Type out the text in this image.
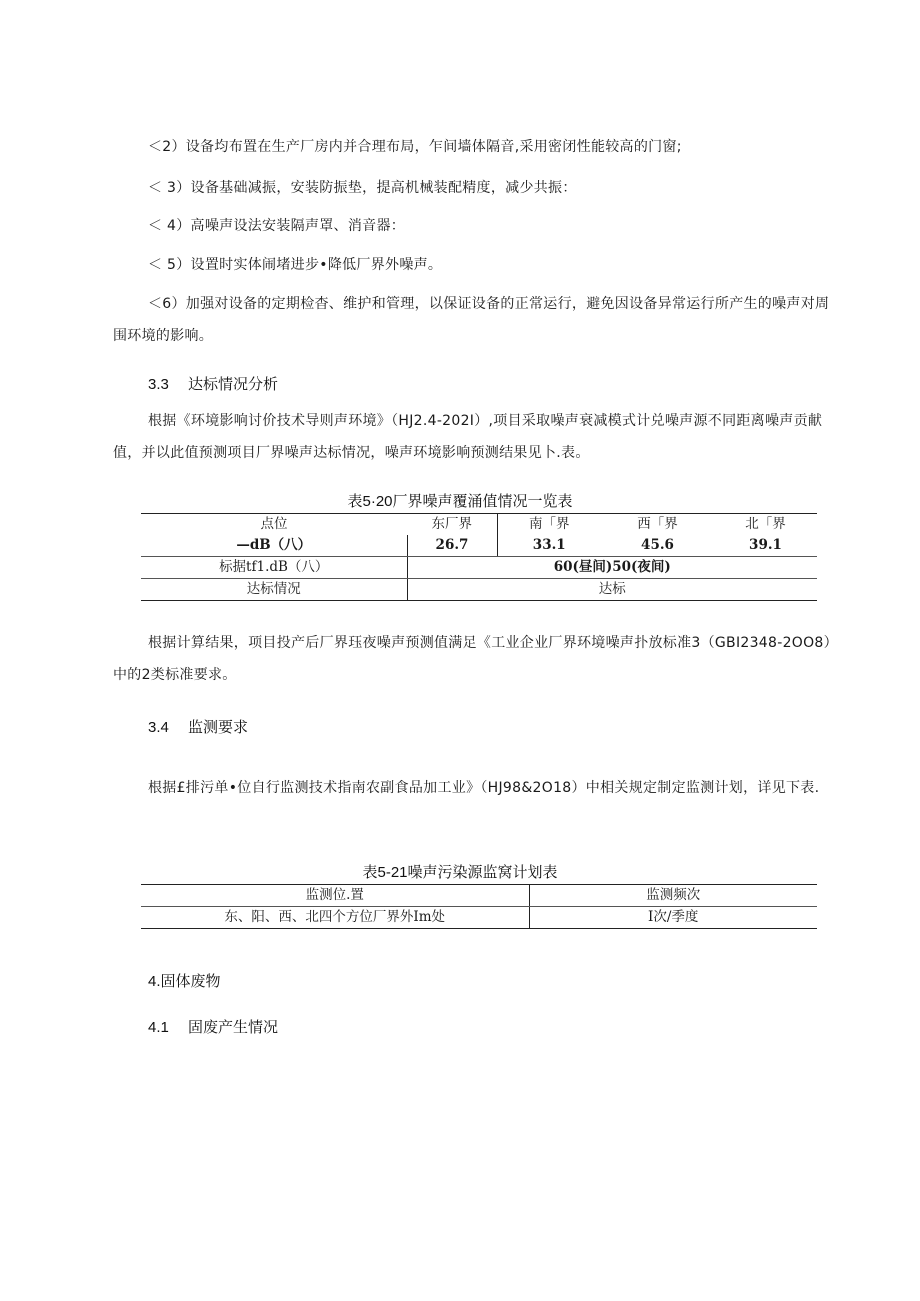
＜2）设备均布置在生产厂房内并合理布局，乍间墙体隔音,采用密闭性能较高的门窗;
＜ 3）设备基础减振，安装防振垫，提高机械装配精度，减少共振：
＜ 4）高噪声设法安装隔声罩、消音器：
＜ 5）设置时实体闹堵进步•降低厂界外噪声。
＜6）加强对设备的定期检杳、维护和管理，以保证设备的正常运行，避免因设备异常运行所产生的噪声对周围环境的影响。
3.3 达标情况分析
根据《环境影响讨价技术导则声环境》（HJ2.4-202I）,项目采取噪声衰减模式计兑噪声源不同距离噪声贡献值，并以此值预测项目厂界噪声达标情况，噪声环境影响预测结果见卜.表。
表5·20厂界噪声覆涌值情况一览表
点位	东厂界	南「界	西「界	北「界
—dB（八）	26.7	33.1	45.6	39.1
标据tf1.dB（八）	60(昼间)50(夜间)			
达标情况	达标			
根据计算结果，项目投产后厂界珏夜噪声预测值满足《工业企业厂界环境噪声扑放标准3（GBI2348-2OO8）中的2类标准要求。
3.4 监测要求
根据£排污单•位自行监测技术指南农副食品加工业》（HJ98&2O18）中相关规定制定监测计划，详见下表.
表5-21噪声污染源监窝计划表
监测位.置	监测频次
东、阳、西、北四个方位厂界外Im处	I次/季度
4.固体废物
4.1 固废产生情况
